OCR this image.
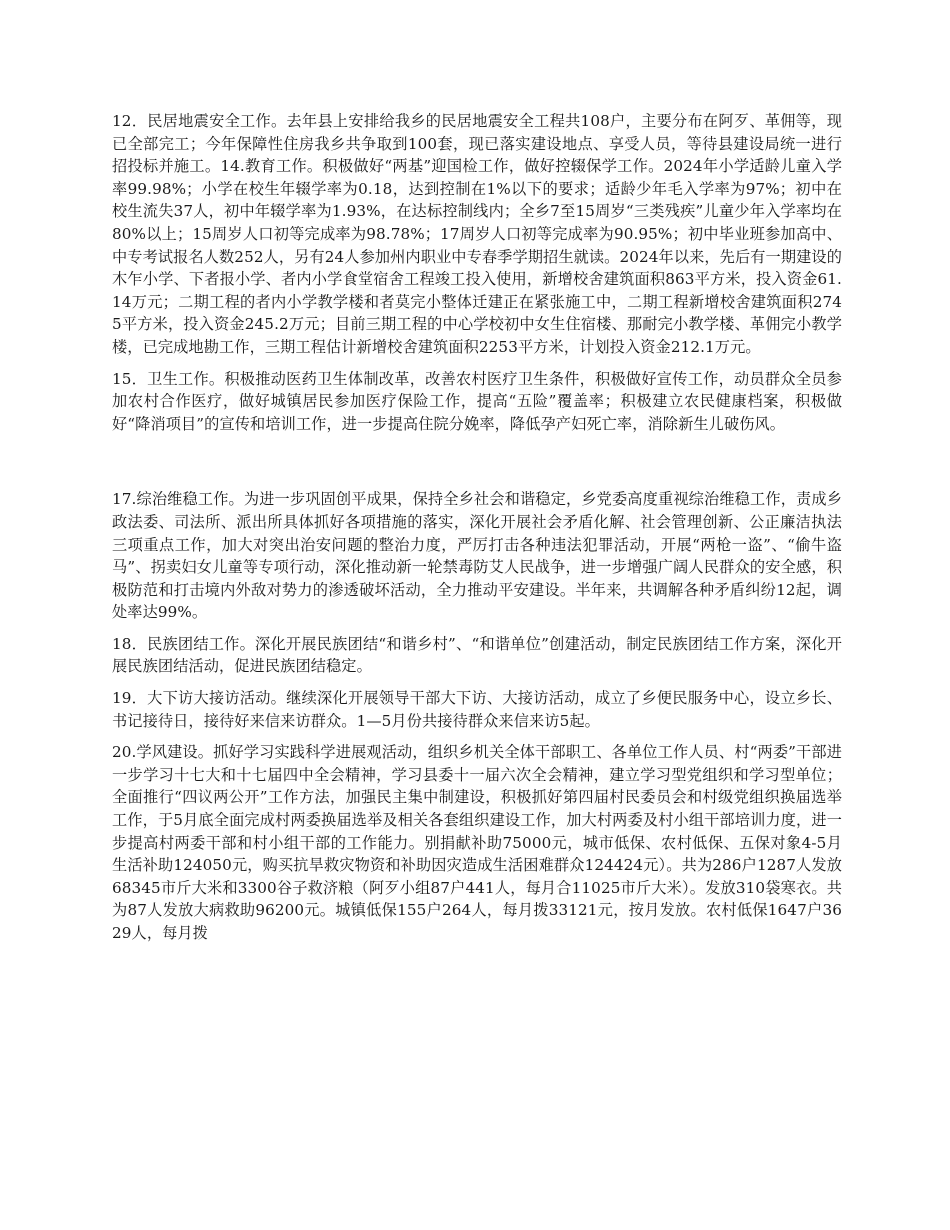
12．民居地震安全工作。去年县上安排给我乡的民居地震安全工程共108户，主要分布在阿歹、革佣等，现已全部完工；今年保障性住房我乡共争取到100套，现已落实建设地点、享受人员，等待县建设局统一进行招投标并施工。14.教育工作。积极做好“两基”迎国检工作，做好控辍保学工作。2024年小学适龄儿童入学率99.98%；小学在校生年辍学率为0.18，达到控制在1%以下的要求；适龄少年毛入学率为97%；初中在校生流失37人，初中年辍学率为1.93%，在达标控制线内；全乡7至15周岁“三类残疾”儿童少年入学率均在80%以上；15周岁人口初等完成率为98.78%；17周岁人口初等完成率为90.95%；初中毕业班参加高中、中专考试报名人数252人，另有24人参加州内职业中专春季学期招生就读。2024年以来，先后有一期建设的木乍小学、下者报小学、者内小学食堂宿舍工程竣工投入使用，新增校舍建筑面积863平方米，投入资金61.14万元；二期工程的者内小学教学楼和者莫完小整体迁建正在紧张施工中，二期工程新增校舍建筑面积2745平方米，投入资金245.2万元；目前三期工程的中心学校初中女生住宿楼、那耐完小教学楼、革佣完小教学楼，已完成地勘工作，三期工程估计新增校舍建筑面积2253平方米，计划投入资金212.1万元。

15．卫生工作。积极推动医药卫生体制改革，改善农村医疗卫生条件，积极做好宣传工作，动员群众全员参加农村合作医疗，做好城镇居民参加医疗保险工作，提高“五险”覆盖率；积极建立农民健康档案，积极做好“降消项目”的宣传和培训工作，进一步提高住院分娩率，降低孕产妇死亡率，消除新生儿破伤风。

17.综治维稳工作。为进一步巩固创平成果，保持全乡社会和谐稳定，乡党委高度重视综治维稳工作，责成乡政法委、司法所、派出所具体抓好各项措施的落实，深化开展社会矛盾化解、社会管理创新、公正廉洁执法三项重点工作，加大对突出治安问题的整治力度，严厉打击各种违法犯罪活动，开展“两枪一盗”、“偷牛盗马”、拐卖妇女儿童等专项行动，深化推动新一轮禁毒防艾人民战争，进一步增强广阔人民群众的安全感，积极防范和打击境内外敌对势力的渗透破坏活动，全力推动平安建设。半年来，共调解各种矛盾纠纷12起，调处率达99%。

18．民族团结工作。深化开展民族团结“和谐乡村”、“和谐单位”创建活动，制定民族团结工作方案，深化开展民族团结活动，促进民族团结稳定。

19．大下访大接访活动。继续深化开展领导干部大下访、大接访活动，成立了乡便民服务中心，设立乡长、书记接待日，接待好来信来访群众。1—5月份共接待群众来信来访5起。

20.学风建设。抓好学习实践科学进展观活动，组织乡机关全体干部职工、各单位工作人员、村“两委”干部进一步学习十七大和十七届四中全会精神，学习县委十一届六次全会精神，建立学习型党组织和学习型单位；全面推行“四议两公开”工作方法，加强民主集中制建设，积极抓好第四届村民委员会和村级党组织换届选举工作，于5月底全面完成村两委换届选举及相关各套组织建设工作，加大村两委及村小组干部培训力度，进一步提高村两委干部和村小组干部的工作能力。别捐献补助75000元，城市低保、农村低保、五保对象4-5月生活补助124050元，购买抗旱救灾物资和补助因灾造成生活困难群众124424元）。共为286户1287人发放68345市斤大米和3300谷子救济粮（阿歹小组87户441人，每月合11025市斤大米）。发放310袋寒衣。共为87人发放大病救助96200元。城镇低保155户264人，每月拨33121元，按月发放。农村低保1647户3629人，每月拨
